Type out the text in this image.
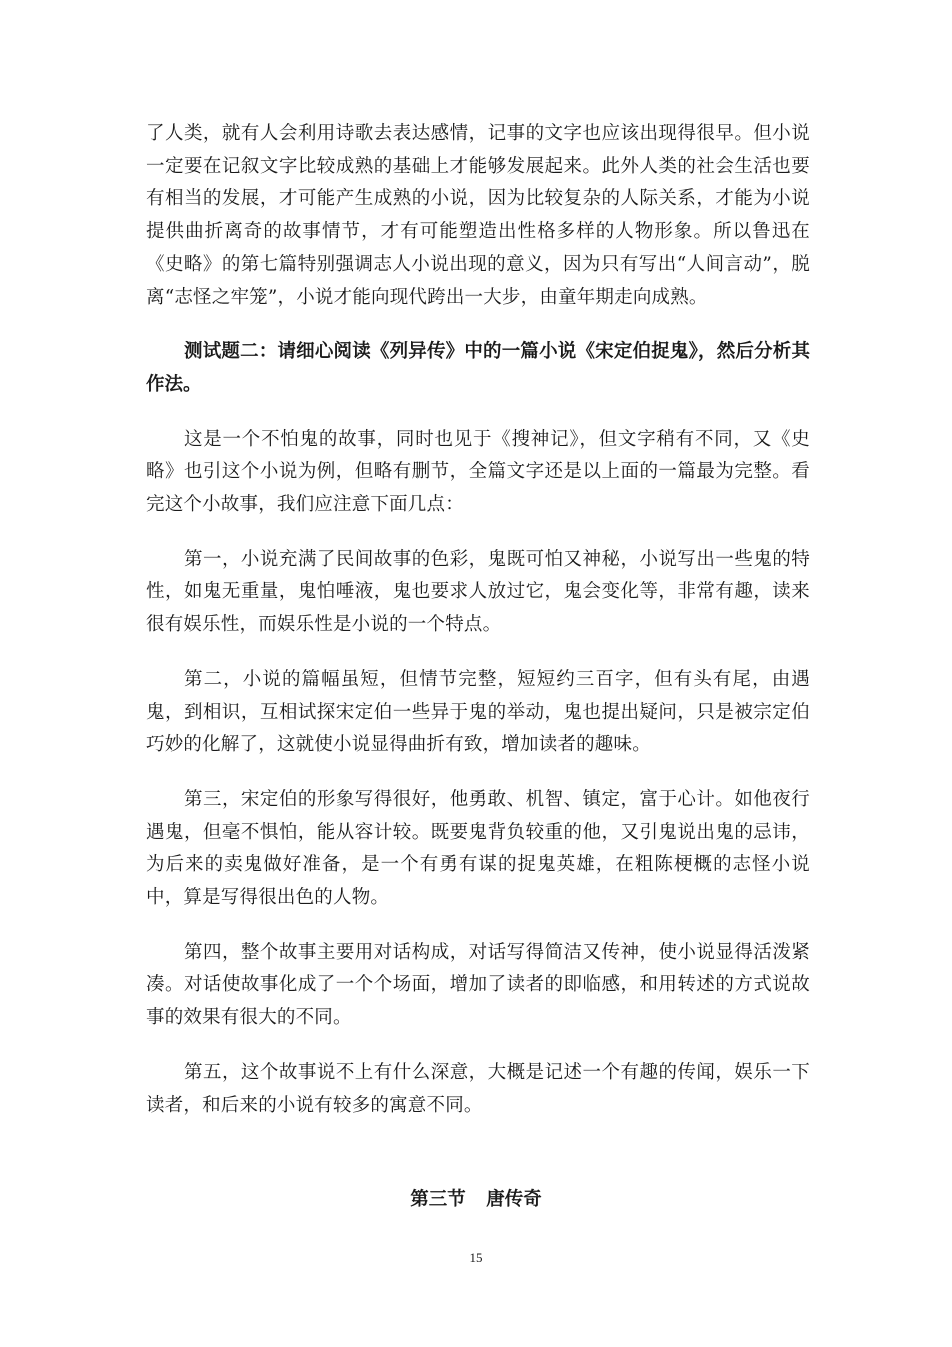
了人类，就有人会利用诗歌去表达感情，记事的文字也应该出现得很早。但小说一定要在记叙文字比较成熟的基础上才能够发展起来。此外人类的社会生活也要有相当的发展，才可能产生成熟的小说，因为比较复杂的人际关系，才能为小说提供曲折离奇的故事情节，才有可能塑造出性格多样的人物形象。所以鲁迅在《史略》的第七篇特别强调志人小说出现的意义，因为只有写出“人间言动”，脱离“志怪之牢笼”，小说才能向现代跨出一大步，由童年期走向成熟。

测试题二：请细心阅读《列异传》中的一篇小说《宋定伯捉鬼》，然后分析其作法。

这是一个不怕鬼的故事，同时也见于《搜神记》，但文字稍有不同，又《史略》也引这个小说为例，但略有删节，全篇文字还是以上面的一篇最为完整。看完这个小故事，我们应注意下面几点：

第一，小说充满了民间故事的色彩，鬼既可怕又神秘，小说写出一些鬼的特性，如鬼无重量，鬼怕唾液，鬼也要求人放过它，鬼会变化等，非常有趣，读来很有娱乐性，而娱乐性是小说的一个特点。

第二，小说的篇幅虽短，但情节完整，短短约三百字，但有头有尾，由遇鬼，到相识，互相试探宋定伯一些异于鬼的举动，鬼也提出疑问，只是被宗定伯巧妙的化解了，这就使小说显得曲折有致，增加读者的趣味。

第三，宋定伯的形象写得很好，他勇敢、机智、镇定，富于心计。如他夜行遇鬼，但毫不惧怕，能从容计较。既要鬼背负较重的他，又引鬼说出鬼的忌讳，为后来的卖鬼做好准备，是一个有勇有谋的捉鬼英雄，在粗陈梗概的志怪小说中，算是写得很出色的人物。

第四，整个故事主要用对话构成，对话写得简洁又传神，使小说显得活泼紧凑。对话使故事化成了一个个场面，增加了读者的即临感，和用转述的方式说故事的效果有很大的不同。

第五，这个故事说不上有什么深意，大概是记述一个有趣的传闻，娱乐一下读者，和后来的小说有较多的寓意不同。

第三节 唐传奇
15
